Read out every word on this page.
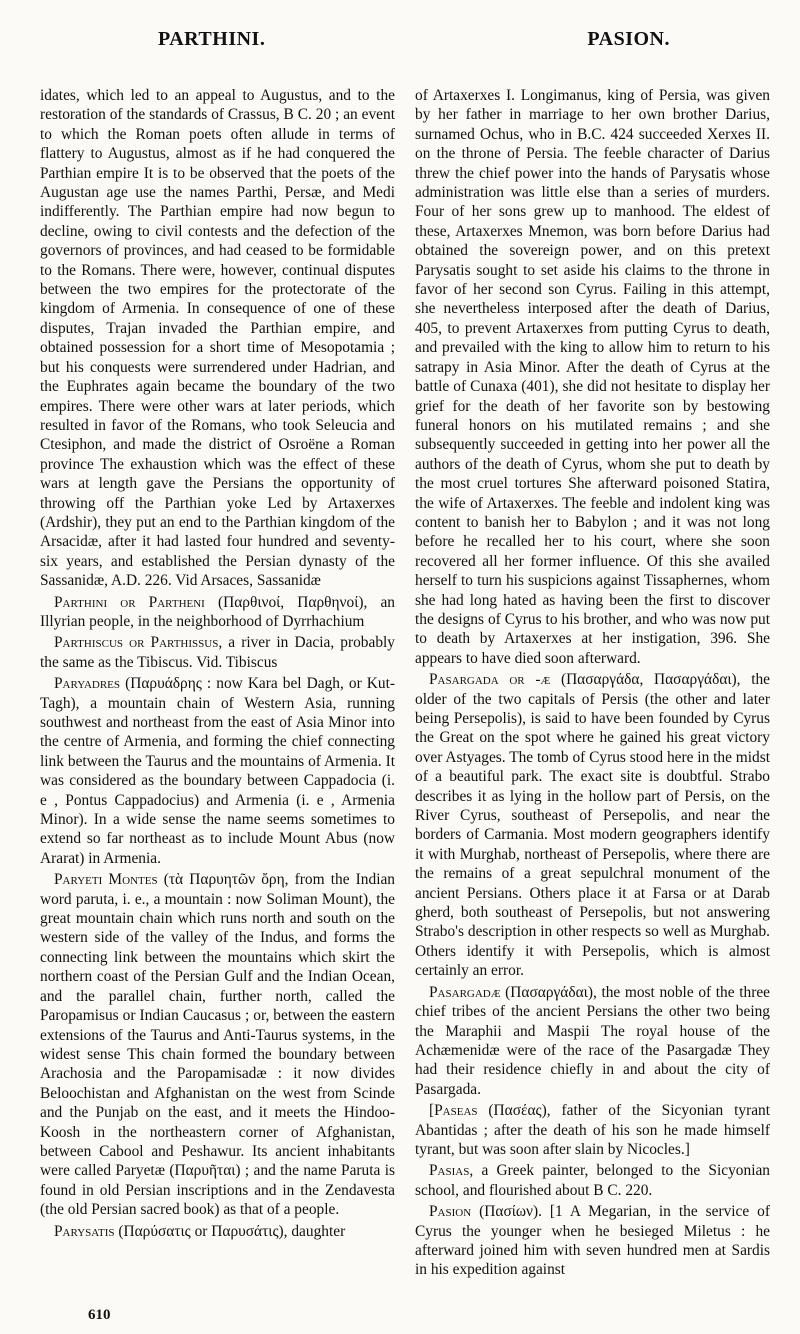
PARTHINI.	PASION.

idates, which led to an appeal to Augustus, and to the restoration of the standards of Crassus, B C. 20 ; an event to which the Roman poets often allude in terms of flattery to Augustus, almost as if he had conquered the Parthian empire It is to be observed that the poets of the Augustan age use the names Parthi, Persæ, and Medi indifferently. The Parthian empire had now begun to decline, owing to civil contests and the defection of the governors of provinces, and had ceased to be formidable to the Romans. There were, however, continual disputes between the two empires for the protectorate of the kingdom of Armenia. In consequence of one of these disputes, Trajan invaded the Parthian empire, and obtained possession for a short time of Mesopotamia ; but his conquests were surrendered under Hadrian, and the Euphrates again became the boundary of the two empires. There were other wars at later periods, which resulted in favor of the Romans, who took Seleucia and Ctesiphon, and made the district of Osroëne a Roman province The exhaustion which was the effect of these wars at length gave the Persians the opportunity of throwing off the Parthian yoke Led by Artaxerxes (Ardshir), they put an end to the Parthian kingdom of the Arsacidæ, after it had lasted four hundred and seventy-six years, and established the Persian dynasty of the Sassanidæ, A.D. 226. Vid Arsaces, Sassanidæ

Parthini or Partheni (Παρθινοί, Παρθηνοί), an Illyrian people, in the neighborhood of Dyrrhachium

Parthiscus or Parthissus, a river in Dacia, probably the same as the Tibiscus. Vid. Tibiscus

Paryadres (Παρυάδρης : now Kara bel Dagh, or Kut-Tagh), a mountain chain of Western Asia, running southwest and northeast from the east of Asia Minor into the centre of Armenia, and forming the chief connecting link between the Taurus and the mountains of Armenia. It was considered as the boundary between Cappadocia (i. e , Pontus Cappadocius) and Armenia (i. e , Armenia Minor). In a wide sense the name seems sometimes to extend so far northeast as to include Mount Abus (now Ararat) in Armenia.

Paryeti Montes (τὰ Παρυητῶν ὄρη, from the Indian word paruta, i. e., a mountain : now Soliman Mount), the great mountain chain which runs north and south on the western side of the valley of the Indus, and forms the connecting link between the mountains which skirt the northern coast of the Persian Gulf and the Indian Ocean, and the parallel chain, further north, called the Paropamisus or Indian Caucasus ; or, between the eastern extensions of the Taurus and Anti-Taurus systems, in the widest sense This chain formed the boundary between Arachosia and the Paropamisadæ : it now divides Beloochistan and Afghanistan on the west from Scinde and the Punjab on the east, and it meets the Hindoo-Koosh in the northeastern corner of Afghanistan, between Cabool and Peshawur. Its ancient inhabitants were called Paryetæ (Παρυῆται) ; and the name Paruta is found in old Persian inscriptions and in the Zendavesta (the old Persian sacred book) as that of a people.

Parysatis (Παρύσατις or Παρυσάτις), daughter

of Artaxerxes I. Longimanus, king of Persia, was given by her father in marriage to her own brother Darius, surnamed Ochus, who in B.C. 424 succeeded Xerxes II. on the throne of Persia. The feeble character of Darius threw the chief power into the hands of Parysatis whose administration was little else than a series of murders. Four of her sons grew up to manhood. The eldest of these, Artaxerxes Mnemon, was born before Darius had obtained the sovereign power, and on this pretext Parysatis sought to set aside his claims to the throne in favor of her second son Cyrus. Failing in this attempt, she nevertheless interposed after the death of Darius, 405, to prevent Artaxerxes from putting Cyrus to death, and prevailed with the king to allow him to return to his satrapy in Asia Minor. After the death of Cyrus at the battle of Cunaxa (401), she did not hesitate to display her grief for the death of her favorite son by bestowing funeral honors on his mutilated remains ; and she subsequently succeeded in getting into her power all the authors of the death of Cyrus, whom she put to death by the most cruel tortures She afterward poisoned Statira, the wife of Artaxerxes. The feeble and indolent king was content to banish her to Babylon ; and it was not long before he recalled her to his court, where she soon recovered all her former influence. Of this she availed herself to turn his suspicions against Tissaphernes, whom she had long hated as having been the first to discover the designs of Cyrus to his brother, and who was now put to death by Artaxerxes at her instigation, 396. She appears to have died soon afterward.

Pasargada or -æ (Πασαργάδα, Πασαργάδαι), the older of the two capitals of Persis (the other and later being Persepolis), is said to have been founded by Cyrus the Great on the spot where he gained his great victory over Astyages. The tomb of Cyrus stood here in the midst of a beautiful park. The exact site is doubtful. Strabo describes it as lying in the hollow part of Persis, on the River Cyrus, southeast of Persepolis, and near the borders of Carmania. Most modern geographers identify it with Murghab, northeast of Persepolis, where there are the remains of a great sepulchral monument of the ancient Persians. Others place it at Farsa or at Darab gherd, both southeast of Persepolis, but not answering Strabo's description in other respects so well as Murghab. Others identify it with Persepolis, which is almost certainly an error.

Pasargadæ (Πασαργάδαι), the most noble of the three chief tribes of the ancient Persians the other two being the Maraphii and Maspii The royal house of the Achæmenidæ were of the race of the Pasargadæ They had their residence chiefly in and about the city of Pasargada.

[Paseas (Πασέας), father of the Sicyonian tyrant Abantidas ; after the death of his son he made himself tyrant, but was soon after slain by Nicocles.]

Pasias, a Greek painter, belonged to the Sicyonian school, and flourished about B C. 220.

Pasion (Πασίων). [1 A Megarian, in the service of Cyrus the younger when he besieged Miletus : he afterward joined him with seven hundred men at Sardis in his expedition against

610
